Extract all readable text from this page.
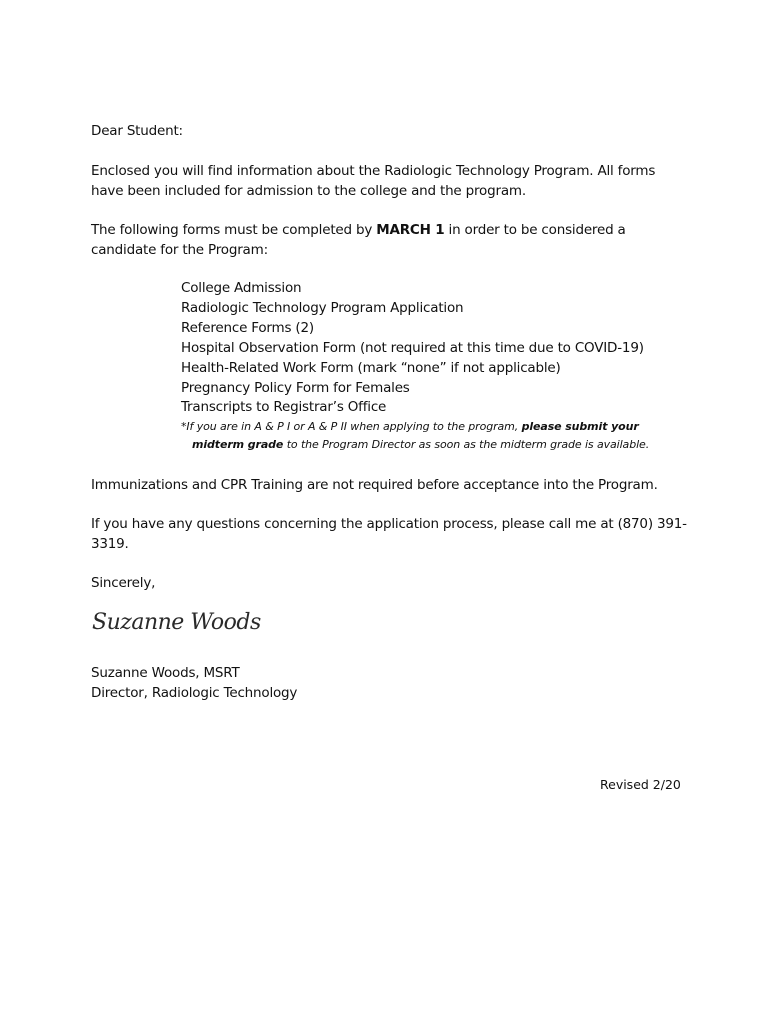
Dear Student:
Enclosed you will find information about the Radiologic Technology Program. All forms
have been included for admission to the college and the program.
The following forms must be completed by MARCH 1 in order to be considered a
candidate for the Program:
College Admission
Radiologic Technology Program Application
Reference Forms (2)
Hospital Observation Form (not required at this time due to COVID-19)
Health-Related Work Form (mark “none” if not applicable)
Pregnancy Policy Form for Females
Transcripts to Registrar’s Office
*If you are in A & P I or A & P II when applying to the program, please submit your
midterm grade to the Program Director as soon as the midterm grade is available.
Immunizations and CPR Training are not required before acceptance into the Program.
If you have any questions concerning the application process, please call me at (870) 391-
3319.
Sincerely,
Suzanne Woods
Suzanne Woods, MSRT
Director, Radiologic Technology
Revised 2/20
